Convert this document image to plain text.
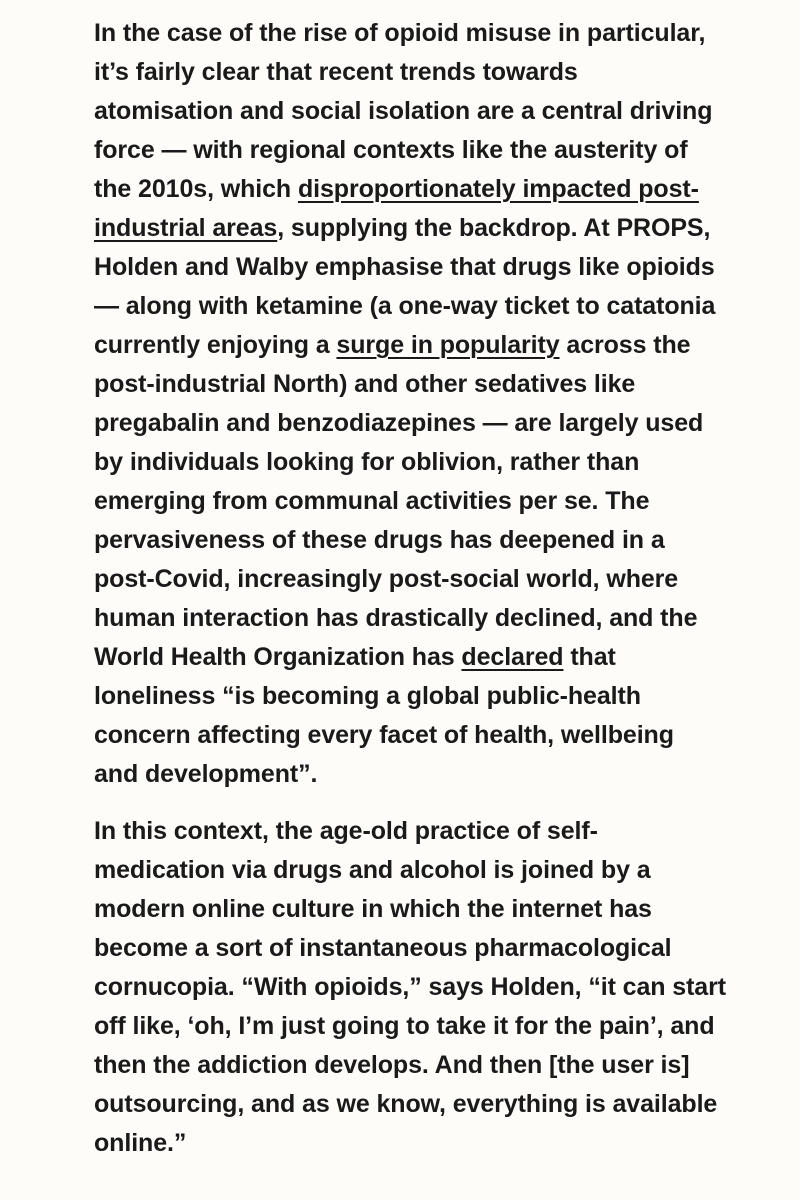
In the case of the rise of opioid misuse in particular,
it’s fairly clear that recent trends towards
atomisation and social isolation are a central driving
force — with regional contexts like the austerity of
the 2010s, which disproportionately impacted post-
industrial areas, supplying the backdrop. At PROPS,
Holden and Walby emphasise that drugs like opioids
— along with ketamine (a one-way ticket to catatonia
currently enjoying a surge in popularity across the
post-industrial North) and other sedatives like
pregabalin and benzodiazepines — are largely used
by individuals looking for oblivion, rather than
emerging from communal activities per se. The
pervasiveness of these drugs has deepened in a
post-Covid, increasingly post-social world, where
human interaction has drastically declined, and the
World Health Organization has declared that
loneliness “is becoming a global public-health
concern affecting every facet of health, wellbeing
and development”.
In this context, the age-old practice of self-
medication via drugs and alcohol is joined by a
modern online culture in which the internet has
become a sort of instantaneous pharmacological
cornucopia. “With opioids,” says Holden, “it can start
off like, ‘oh, I’m just going to take it for the pain’, and
then the addiction develops. And then [the user is]
outsourcing, and as we know, everything is available
online.”
